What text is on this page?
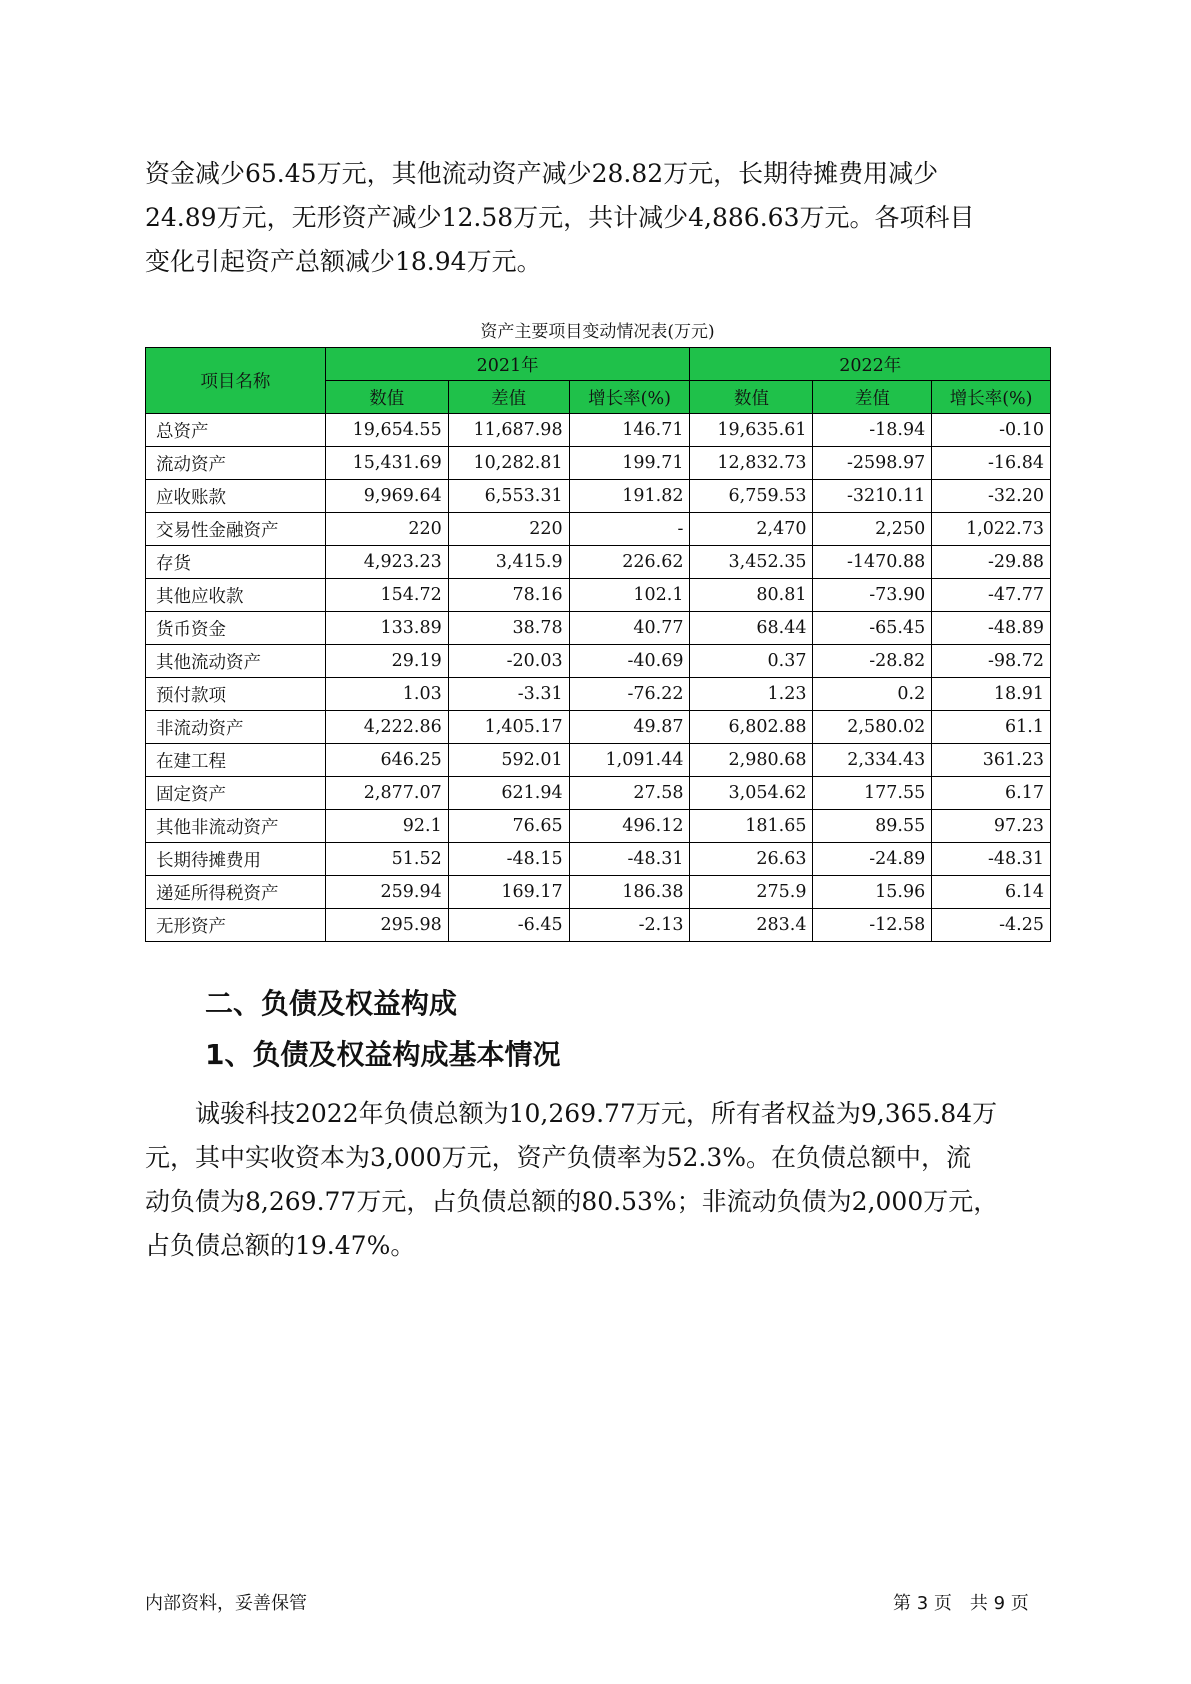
资金减少65.45万元，其他流动资产减少28.82万元，长期待摊费用减少
24.89万元，无形资产减少12.58万元，共计减少4,886.63万元。各项科目
变化引起资产总额减少18.94万元。
资产主要项目变动情况表(万元)
项目名称	2021年			2022年		
	数值	差值	增长率(%)	数值	差值	增长率(%)
总资产	19,654.55	11,687.98	146.71	19,635.61	-18.94	-0.10
流动资产	15,431.69	10,282.81	199.71	12,832.73	-2598.97	-16.84
应收账款	9,969.64	6,553.31	191.82	6,759.53	-3210.11	-32.20
交易性金融资产	220	220	-	2,470	2,250	1,022.73
存货	4,923.23	3,415.9	226.62	3,452.35	-1470.88	-29.88
其他应收款	154.72	78.16	102.1	80.81	-73.90	-47.77
货币资金	133.89	38.78	40.77	68.44	-65.45	-48.89
其他流动资产	29.19	-20.03	-40.69	0.37	-28.82	-98.72
预付款项	1.03	-3.31	-76.22	1.23	0.2	18.91
非流动资产	4,222.86	1,405.17	49.87	6,802.88	2,580.02	61.1
在建工程	646.25	592.01	1,091.44	2,980.68	2,334.43	361.23
固定资产	2,877.07	621.94	27.58	3,054.62	177.55	6.17
其他非流动资产	92.1	76.65	496.12	181.65	89.55	97.23
长期待摊费用	51.52	-48.15	-48.31	26.63	-24.89	-48.31
递延所得税资产	259.94	169.17	186.38	275.9	15.96	6.14
无形资产	295.98	-6.45	-2.13	283.4	-12.58	-4.25
二、负债及权益构成
1、负债及权益构成基本情况
　　诚骏科技2022年负债总额为10,269.77万元，所有者权益为9,365.84万
元，其中实收资本为3,000万元，资产负债率为52.3%。在负债总额中，流
动负债为8,269.77万元，占负债总额的80.53%；非流动负债为2,000万元，
占负债总额的19.47%。
内部资料，妥善保管	第 3 页　共 9 页
